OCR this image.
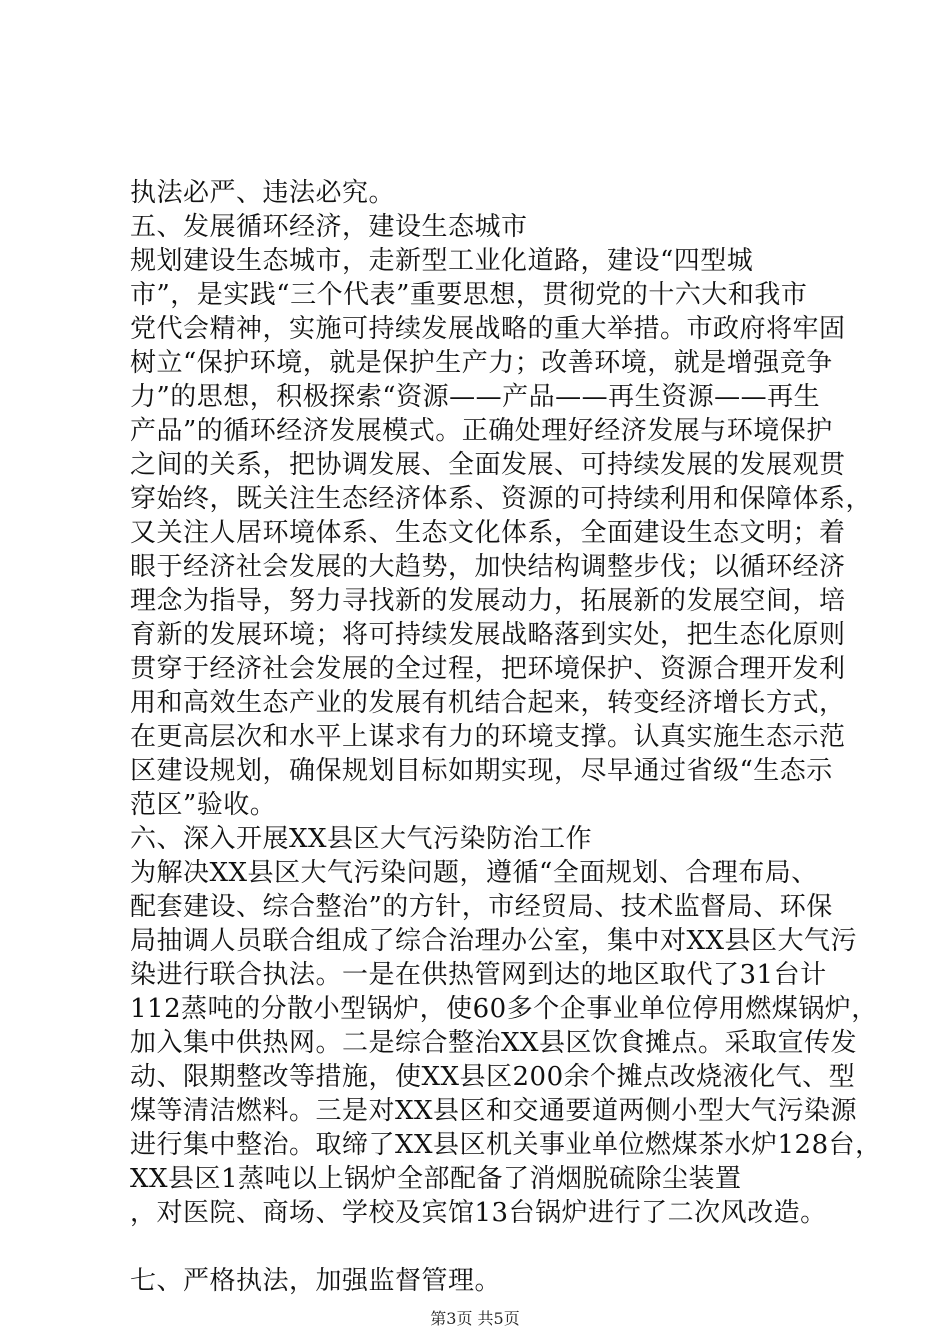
执法必严、违法必究。
五、发展循环经济，建设生态城市
规划建设生态城市，走新型工业化道路，建设“四型城
市”，是实践“三个代表”重要思想，贯彻党的十六大和我市
党代会精神，实施可持续发展战略的重大举措。市政府将牢固
树立“保护环境，就是保护生产力；改善环境，就是增强竞争
力”的思想，积极探索“资源——产品——再生资源——再生
产品”的循环经济发展模式。正确处理好经济发展与环境保护
之间的关系，把协调发展、全面发展、可持续发展的发展观贯
穿始终，既关注生态经济体系、资源的可持续利用和保障体系，
又关注人居环境体系、生态文化体系，全面建设生态文明；着
眼于经济社会发展的大趋势，加快结构调整步伐；以循环经济
理念为指导，努力寻找新的发展动力，拓展新的发展空间，培
育新的发展环境；将可持续发展战略落到实处，把生态化原则
贯穿于经济社会发展的全过程，把环境保护、资源合理开发利
用和高效生态产业的发展有机结合起来，转变经济增长方式，
在更高层次和水平上谋求有力的环境支撑。认真实施生态示范
区建设规划，确保规划目标如期实现，尽早通过省级“生态示
范区”验收。
六、深入开展XX县区大气污染防治工作
为解决XX县区大气污染问题，遵循“全面规划、合理布局、
配套建设、综合整治”的方针，市经贸局、技术监督局、环保
局抽调人员联合组成了综合治理办公室，集中对XX县区大气污
染进行联合执法。一是在供热管网到达的地区取代了31台计
112蒸吨的分散小型锅炉，使60多个企事业单位停用燃煤锅炉，
加入集中供热网。二是综合整治XX县区饮食摊点。采取宣传发
动、限期整改等措施，使XX县区200余个摊点改烧液化气、型
煤等清洁燃料。三是对XX县区和交通要道两侧小型大气污染源
进行集中整治。取缔了XX县区机关事业单位燃煤茶水炉128台，
XX县区1蒸吨以上锅炉全部配备了消烟脱硫除尘装置
，对医院、商场、学校及宾馆13台锅炉进行了二次风改造。
七、严格执法，加强监督管理。
第3页 共5页
